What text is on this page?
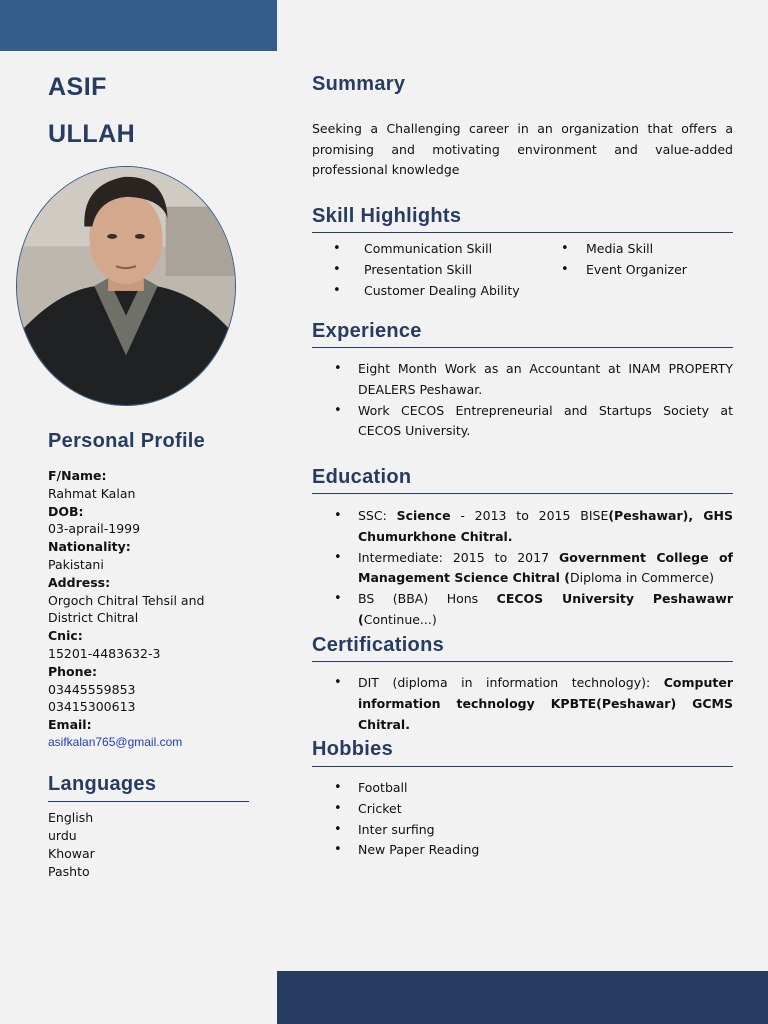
ASIF
ULLAH
Personal Profile
F/Name:
Rahmat Kalan
DOB:
03-aprail-1999
Nationality:
Pakistani
Address:
Orgoch Chitral Tehsil and District Chitral
Cnic:
15201-4483632-3
Phone:
03445559853
03415300613
Email:
asifkalan765@gmail.com
Languages
English
urdu
Khowar
Pashto
Summary
Seeking a Challenging career in an organization that offers a promising and motivating environment and value-added professional knowledge
Skill Highlights
• Communication Skill
• Presentation Skill
• Customer Dealing Ability
• Media Skill
• Event Organizer
Experience
• Eight Month Work as an Accountant at INAM PROPERTY DEALERS Peshawar.
• Work CECOS Entrepreneurial and Startups Society at CECOS University.
Education
• SSC: Science - 2013 to 2015 BISE(Peshawar), GHS Chumurkhone Chitral.
• Intermediate: 2015 to 2017 Government College of Management Science Chitral (Diploma in Commerce)
• BS (BBA) Hons CECOS University Peshawawr (Continue...)
Certifications
• DIT (diploma in information technology): Computer information technology KPBTE(Peshawar) GCMS Chitral.
Hobbies
• Football
• Cricket
• Inter surfing
• New Paper Reading
